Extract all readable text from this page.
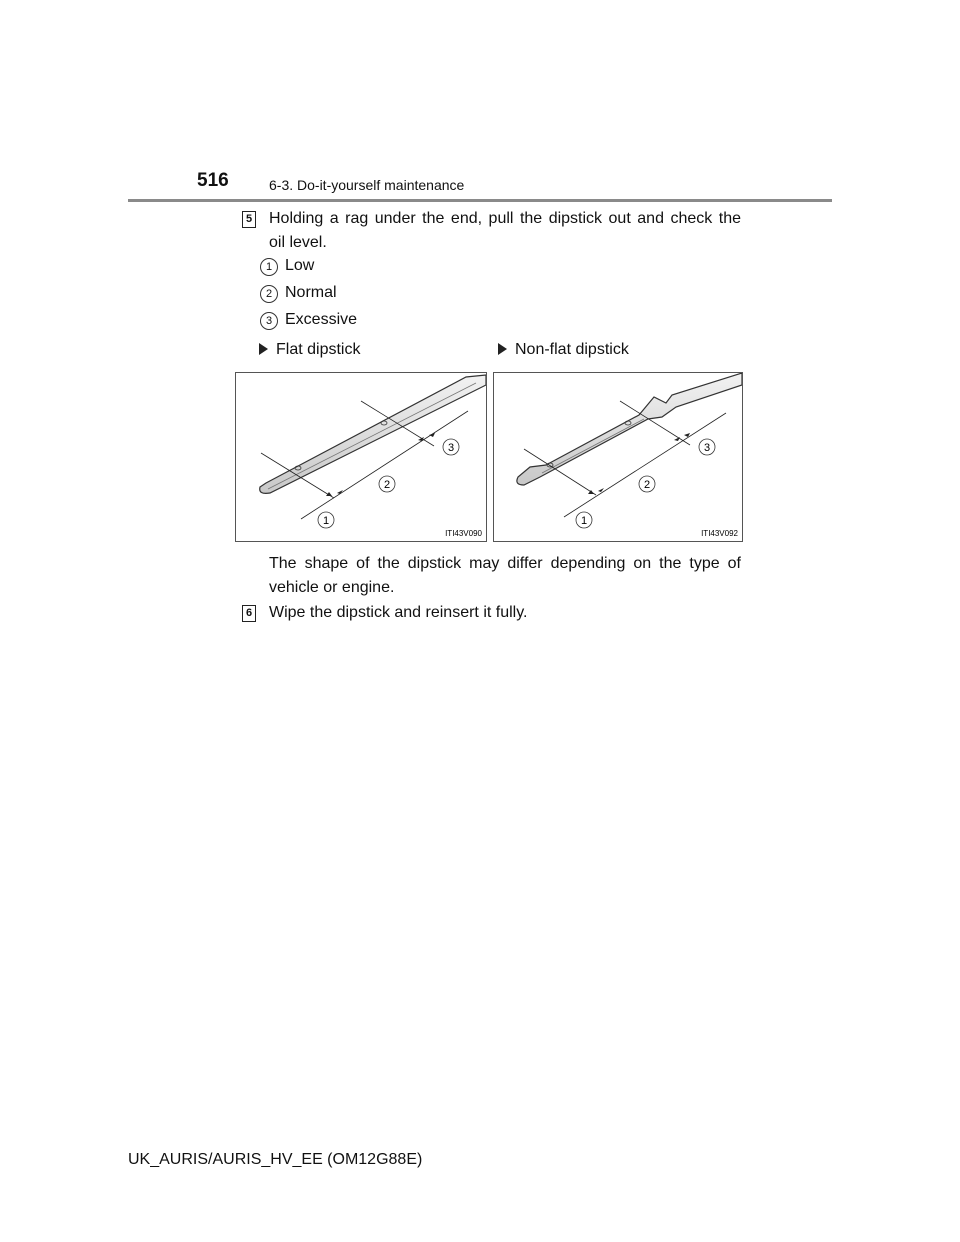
516	6-3. Do-it-yourself maintenance
5 Holding a rag under the end, pull the dipstick out and check the
oil level.
1 Low
2 Normal
3 Excessive
Flat dipstick	Non-flat dipstick
1
2
3
ITI43V090
1
2
3
ITI43V092
The shape of the dipstick may differ depending on the type of
vehicle or engine.
6 Wipe the dipstick and reinsert it fully.
UK_AURIS/AURIS_HV_EE (OM12G88E)
